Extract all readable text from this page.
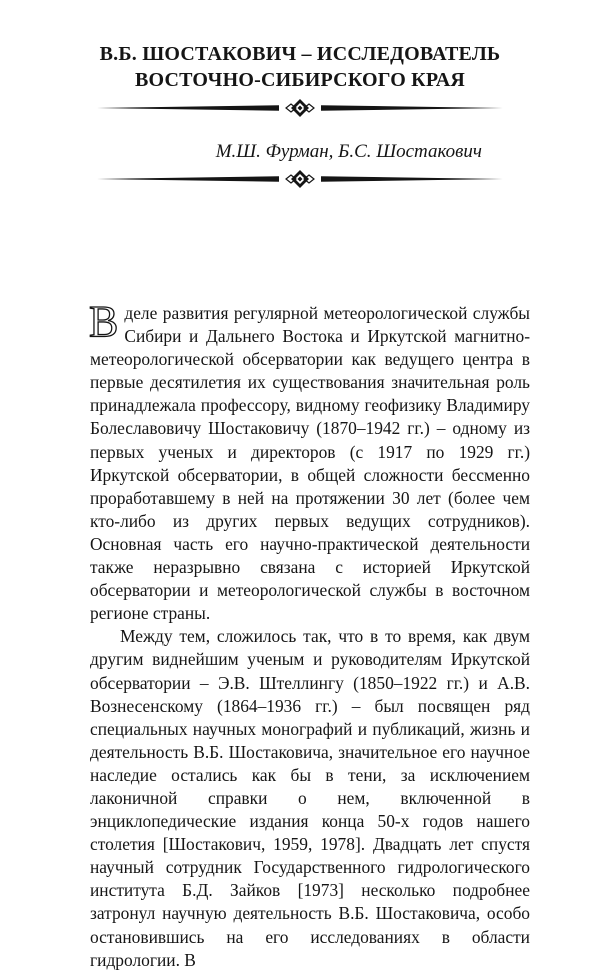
В.Б. ШОСТАКОВИЧ – ИССЛЕДОВАТЕЛЬ
ВОСТОЧНО-СИБИРСКОГО КРАЯ
М.Ш. Фурман, Б.С. Шостакович

В деле развития регулярной метеорологической службы Сибири и Дальнего Востока и Иркутской магнитно-метеорологической обсерватории как ведущего центра в первые десятилетия их существования значительная роль принадлежала профессору, видному геофизику Владимиру Болеславовичу Шостаковичу (1870–1942 гг.) – одному из первых ученых и директоров (с 1917 по 1929 гг.) Иркутской обсерватории, в общей сложности бессменно проработавшему в ней на протяжении 30 лет (более чем кто-либо из других первых ведущих сотрудников). Основная часть его научно-практической деятельности также неразрывно связана с историей Иркутской обсерватории и метеорологической службы в восточном регионе страны.

Между тем, сложилось так, что в то время, как двум другим виднейшим ученым и руководителям Иркутской обсерватории – Э.В. Штеллингу (1850–1922 гг.) и А.В. Вознесенскому (1864–1936 гг.) – был посвящен ряд специальных научных монографий и публикаций, жизнь и деятельность В.Б. Шостаковича, значительное его научное наследие остались как бы в тени, за исключением лаконичной справки о нем, включенной в энциклопедические издания конца 50-х годов нашего столетия [Шостакович, 1959, 1978]. Двадцать лет спустя научный сотрудник Государственного гидрологического института Б.Д. Зайков [1973] несколько подробнее затронул научную деятельность В.Б. Шостаковича, особо остановившись на его исследованиях в области гидрологии. В
